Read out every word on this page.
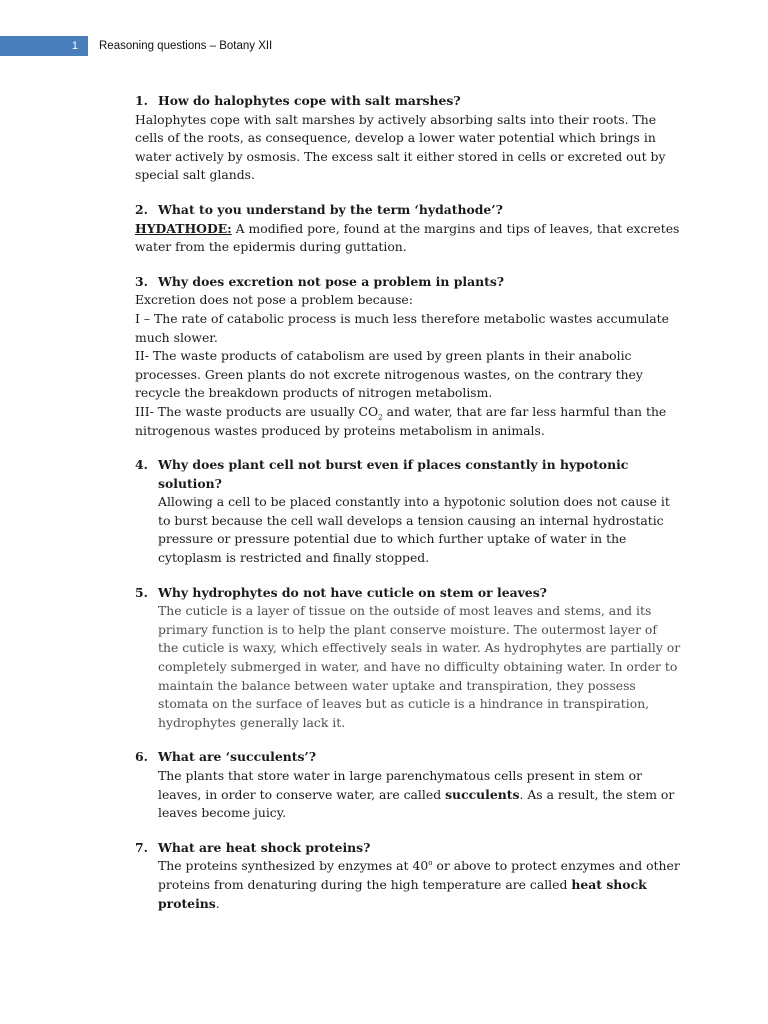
1	Reasoning questions – Botany XII
1. How do halophytes cope with salt marshes?

Halophytes cope with salt marshes by actively absorbing salts into their roots. The cells of the roots, as consequence, develop a lower water potential which brings in water actively by osmosis. The excess salt it either stored in cells or excreted out by special salt glands.

2. What to you understand by the term ‘hydathode’?

HYDATHODE: A modified pore, found at the margins and tips of leaves, that excretes water from the epidermis during guttation.

3. Why does excretion not pose a problem in plants?

Excretion does not pose a problem because:

I – The rate of catabolic process is much less therefore metabolic wastes accumulate much slower.

II- The waste products of catabolism are used by green plants in their anabolic processes. Green plants do not excrete nitrogenous wastes, on the contrary they recycle the breakdown products of nitrogen metabolism.

III- The waste products are usually $CO_2$ and water, that are far less harmful than the nitrogenous wastes produced by proteins metabolism in animals.

4. Why does plant cell not burst even if places constantly in hypotonic solution?

Allowing a cell to be placed constantly into a hypotonic solution does not cause it to burst because the cell wall develops a tension causing an internal hydrostatic pressure or pressure potential due to which further uptake of water in the cytoplasm is restricted and finally stopped.

5. Why hydrophytes do not have cuticle on stem or leaves?

The cuticle is a layer of tissue on the outside of most leaves and stems, and its primary function is to help the plant conserve moisture. The outermost layer of the cuticle is waxy, which effectively seals in water. As hydrophytes are partially or completely submerged in water, and have no difficulty obtaining water. In order to maintain the balance between water uptake and transpiration, they possess stomata on the surface of leaves but as cuticle is a hindrance in transpiration, hydrophytes generally lack it.

6. What are ‘succulents’?

The plants that store water in large parenchymatous cells present in stem or leaves, in order to conserve water, are called succulents. As a result, the stem or leaves become juicy.

7. What are heat shock proteins?

The proteins synthesized by enzymes at 40$^o$ or above to protect enzymes and other proteins from denaturing during the high temperature are called heat shock proteins.
